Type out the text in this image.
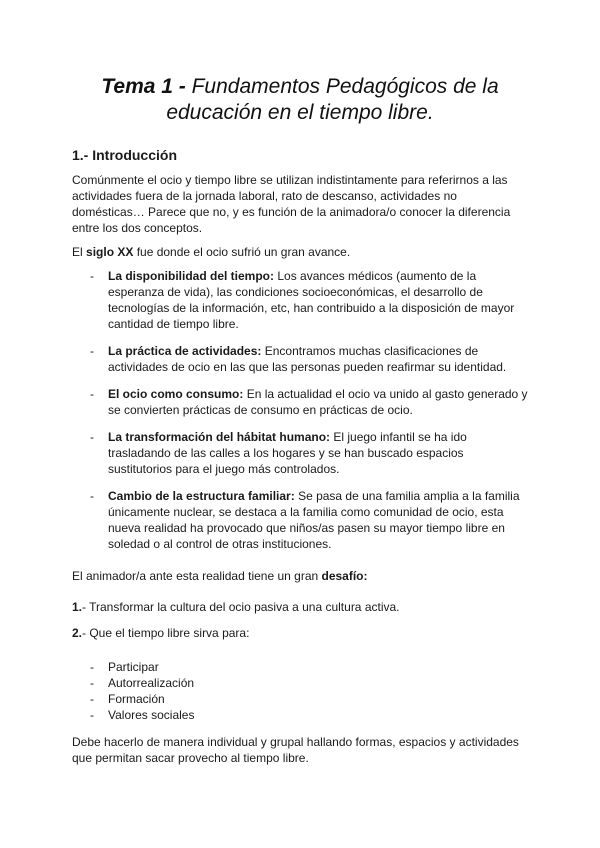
Tema 1 - Fundamentos Pedagógicos de la educación en el tiempo libre.
1.- Introducción

Comúnmente el ocio y tiempo libre se utilizan indistintamente para referirnos a las actividades fuera de la jornada laboral, rato de descanso, actividades no domésticas… Parece que no, y es función de la animadora/o conocer la diferencia entre los dos conceptos.

El siglo XX fue donde el ocio sufrió un gran avance.

- La disponibilidad del tiempo: Los avances médicos (aumento de la esperanza de vida), las condiciones socioeconómicas, el desarrollo de tecnologías de la información, etc, han contribuido a la disposición de mayor cantidad de tiempo libre.
- La práctica de actividades: Encontramos muchas clasificaciones de actividades de ocio en las que las personas pueden reafirmar su identidad.
- El ocio como consumo: En la actualidad el ocio va unido al gasto generado y se convierten prácticas de consumo en prácticas de ocio.
- La transformación del hábitat humano: El juego infantil se ha ido trasladando de las calles a los hogares y se han buscado espacios sustitutorios para el juego más controlados.
- Cambio de la estructura familiar: Se pasa de una familia amplia a la familia únicamente nuclear, se destaca a la familia como comunidad de ocio, esta nueva realidad ha provocado que niños/as pasen su mayor tiempo libre en soledad o al control de otras instituciones.

El animador/a ante esta realidad tiene un gran desafío:

1.- Transformar la cultura del ocio pasiva a una cultura activa.

2.- Que el tiempo libre sirva para:

- Participar
- Autorrealización
- Formación
- Valores sociales

Debe hacerlo de manera individual y grupal hallando formas, espacios y actividades que permitan sacar provecho al tiempo libre.
